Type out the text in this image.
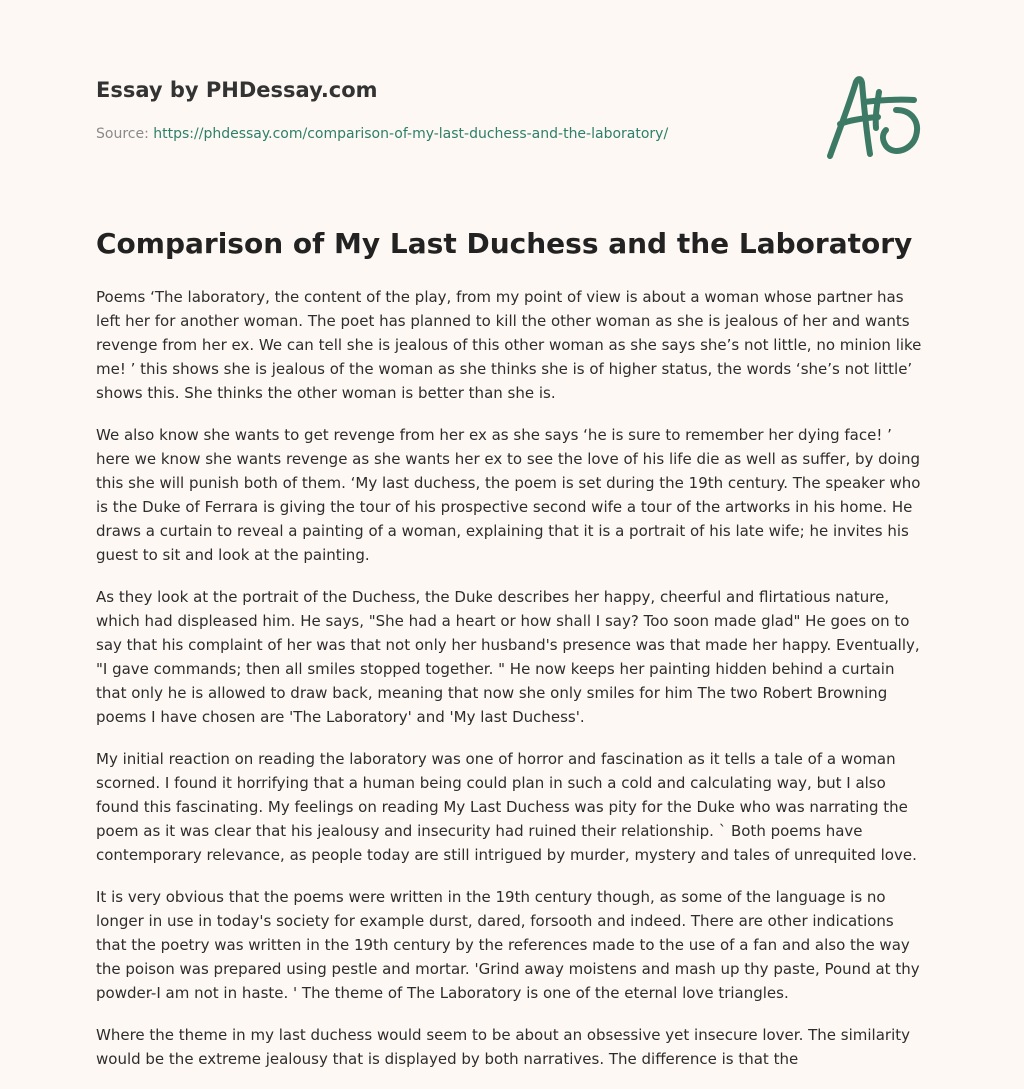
Essay by PHDessay.com
Source: https://phdessay.com/comparison-of-my-last-duchess-and-the-laboratory/
Comparison of My Last Duchess and the Laboratory

Poems ‘The laboratory, the content of the play, from my point of view is about a woman whose partner has left her for another woman. The poet has planned to kill the other woman as she is jealous of her and wants revenge from her ex. We can tell she is jealous of this other woman as she says she’s not little, no minion like me! ’ this shows she is jealous of the woman as she thinks she is of higher status, the words ‘she’s not little’ shows this. She thinks the other woman is better than she is.

We also know she wants to get revenge from her ex as she says ‘he is sure to remember her dying face! ’ here we know she wants revenge as she wants her ex to see the love of his life die as well as suffer, by doing this she will punish both of them. ‘My last duchess, the poem is set during the 19th century. The speaker who is the Duke of Ferrara is giving the tour of his prospective second wife a tour of the artworks in his home. He draws a curtain to reveal a painting of a woman, explaining that it is a portrait of his late wife; he invites his guest to sit and look at the painting.

As they look at the portrait of the Duchess, the Duke describes her happy, cheerful and flirtatious nature, which had displeased him. He says, "She had a heart or how shall I say? Too soon made glad" He goes on to say that his complaint of her was that not only her husband's presence was that made her happy. Eventually, "I gave commands; then all smiles stopped together. " He now keeps her painting hidden behind a curtain that only he is allowed to draw back, meaning that now she only smiles for him The two Robert Browning poems I have chosen are 'The Laboratory' and 'My last Duchess'.

My initial reaction on reading the laboratory was one of horror and fascination as it tells a tale of a woman scorned. I found it horrifying that a human being could plan in such a cold and calculating way, but I also found this fascinating. My feelings on reading My Last Duchess was pity for the Duke who was narrating the poem as it was clear that his jealousy and insecurity had ruined their relationship. ` Both poems have contemporary relevance, as people today are still intrigued by murder, mystery and tales of unrequited love.

It is very obvious that the poems were written in the 19th century though, as some of the language is no longer in use in today's society for example durst, dared, forsooth and indeed. There are other indications that the poetry was written in the 19th century by the references made to the use of a fan and also the way the poison was prepared using pestle and mortar. 'Grind away moistens and mash up thy paste, Pound at thy powder-I am not in haste. ' The theme of The Laboratory is one of the eternal love triangles.

Where the theme in my last duchess would seem to be about an obsessive yet insecure lover. The similarity would be the extreme jealousy that is displayed by both narratives. The difference is that the
